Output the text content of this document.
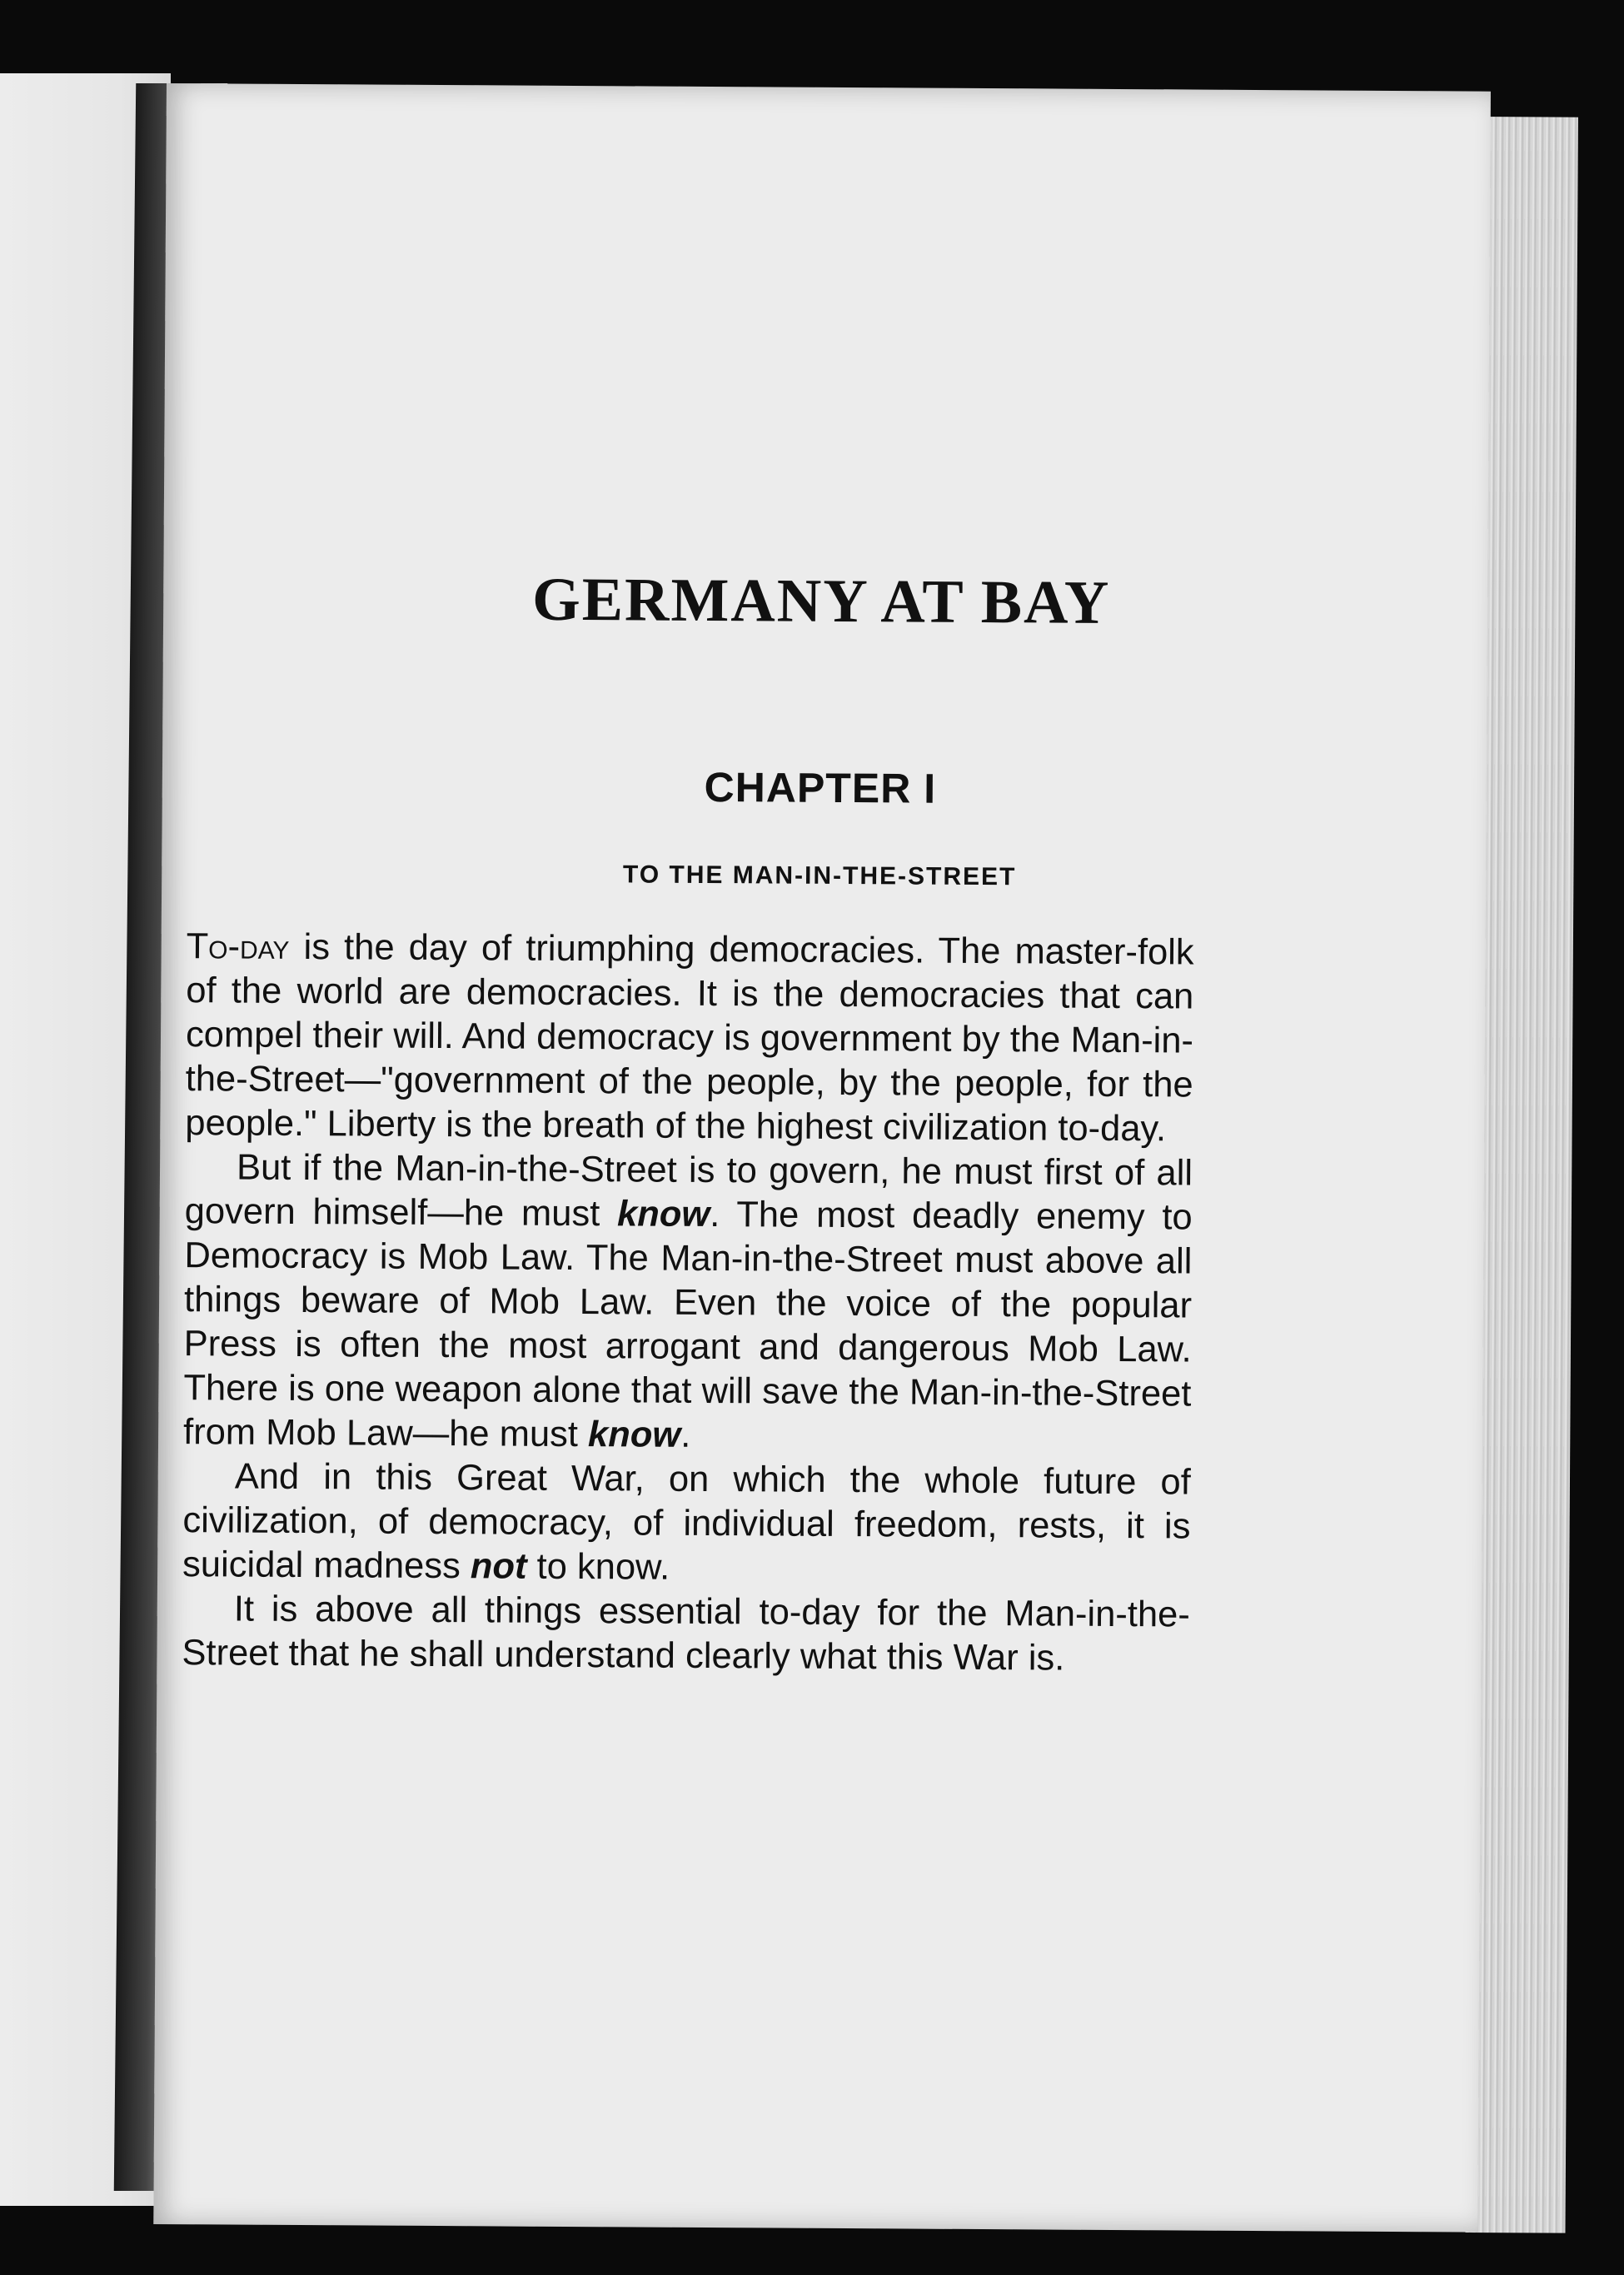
GERMANY AT BAY
CHAPTER I
TO THE MAN-IN-THE-STREET

To-day is the day of triumphing democracies. The master-folk of the world are democracies. It is the democracies that can compel their will. And democracy is government by the Man-in-the-Street—"government of the people, by the people, for the people." Liberty is the breath of the highest civilization to-day.

But if the Man-in-the-Street is to govern, he must first of all govern himself—he must know. The most deadly enemy to Democracy is Mob Law. The Man-in-the-Street must above all things beware of Mob Law. Even the voice of the popular Press is often the most arrogant and dangerous Mob Law. There is one weapon alone that will save the Man-in-the-Street from Mob Law—he must know.

And in this Great War, on which the whole future of civilization, of democracy, of individual freedom, rests, it is suicidal madness not to know.

It is above all things essential to-day for the Man-in-the-Street that he shall understand clearly what this War is.
